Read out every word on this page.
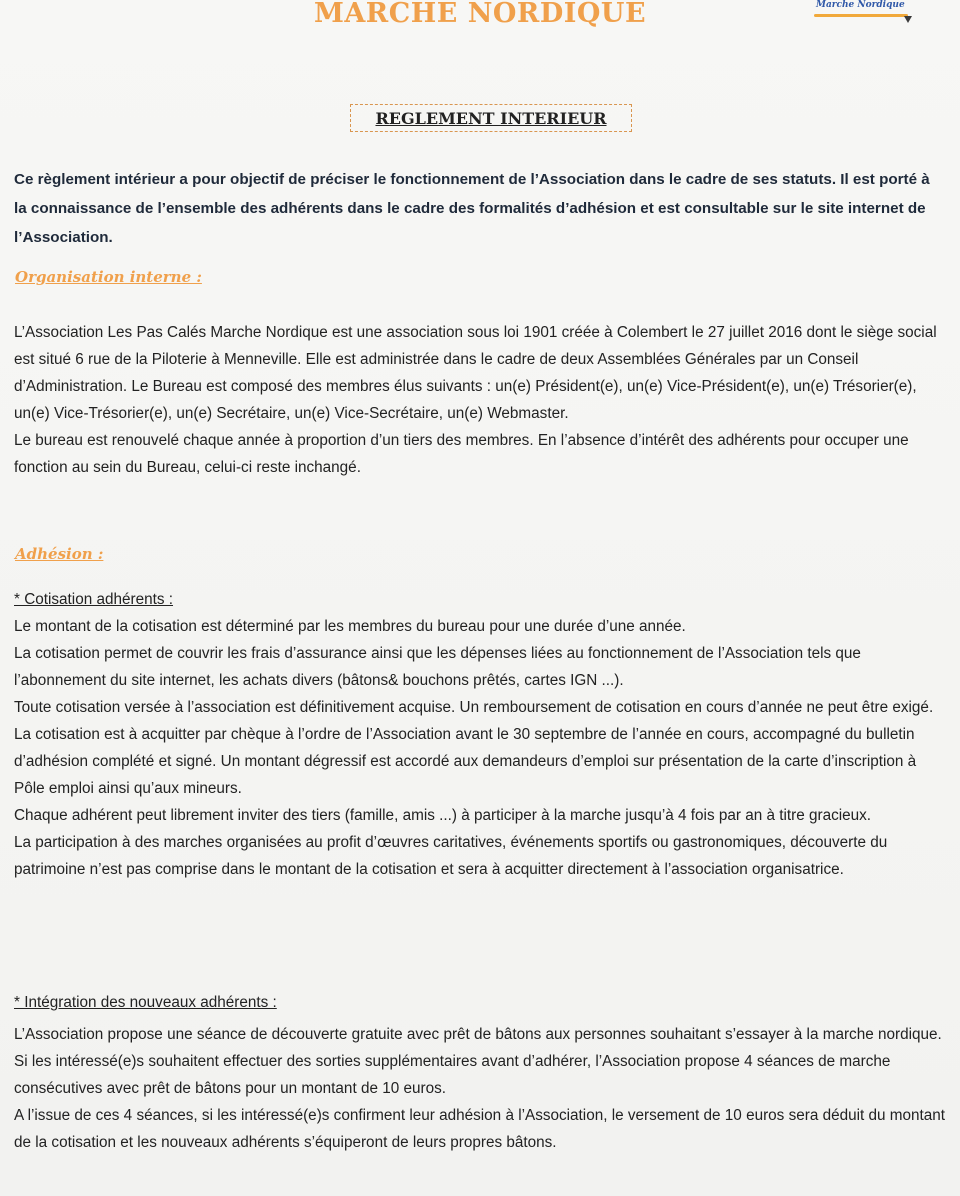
MARCHE NORDIQUE	Marche Nordique
REGLEMENT INTERIEUR
Ce règlement intérieur a pour objectif de préciser le fonctionnement de l’Association dans le cadre de ses statuts. Il est porté à la connaissance de l’ensemble des adhérents dans le cadre des formalités d’adhésion et est consultable sur le site internet de l’Association.
Organisation interne :

L’Association Les Pas Calés Marche Nordique est une association sous loi 1901 créée à Colembert le 27 juillet 2016 dont le siège social est situé 6 rue de la Piloterie à Menneville. Elle est administrée dans le cadre de deux Assemblées Générales par un Conseil d’Administration. Le Bureau est composé des membres élus suivants : un(e) Président(e), un(e) Vice-Président(e), un(e) Trésorier(e), un(e) Vice-Trésorier(e), un(e) Secrétaire, un(e) Vice-Secrétaire, un(e) Webmaster.

Le bureau est renouvelé chaque année à proportion d’un tiers des membres. En l’absence d’intérêt des adhérents pour occuper une fonction au sein du Bureau, celui-ci reste inchangé.

Adhésion :
* Cotisation adhérents :

Le montant de la cotisation est déterminé par les membres du bureau pour une durée d’une année.

La cotisation permet de couvrir les frais d’assurance ainsi que les dépenses liées au fonctionnement de l’Association tels que l’abonnement du site internet, les achats divers (bâtons& bouchons prêtés, cartes IGN ...).

Toute cotisation versée à l’association est définitivement acquise. Un remboursement de cotisation en cours d’année ne peut être exigé.

La cotisation est à acquitter par chèque à l’ordre de l’Association avant le 30 septembre de l’année en cours, accompagné du bulletin d’adhésion complété et signé. Un montant dégressif est accordé aux demandeurs d’emploi sur présentation de la carte d’inscription à Pôle emploi ainsi qu’aux mineurs.

Chaque adhérent peut librement inviter des tiers (famille, amis ...) à participer à la marche jusqu’à 4 fois par an à titre gracieux.

La participation à des marches organisées au profit d’œuvres caritatives, événements sportifs ou gastronomiques, découverte du patrimoine n’est pas comprise dans le montant de la cotisation et sera à acquitter directement à l’association organisatrice.

* Intégration des nouveaux adhérents :

L’Association propose une séance de découverte gratuite avec prêt de bâtons aux personnes souhaitant s’essayer à la marche nordique. Si les intéressé(e)s souhaitent effectuer des sorties supplémentaires avant d’adhérer, l’Association propose 4 séances de marche consécutives avec prêt de bâtons pour un montant de 10 euros.

A l’issue de ces 4 séances, si les intéressé(e)s confirment leur adhésion à l’Association, le versement de 10 euros sera déduit du montant de la cotisation et les nouveaux adhérents s’équiperont de leurs propres bâtons.
